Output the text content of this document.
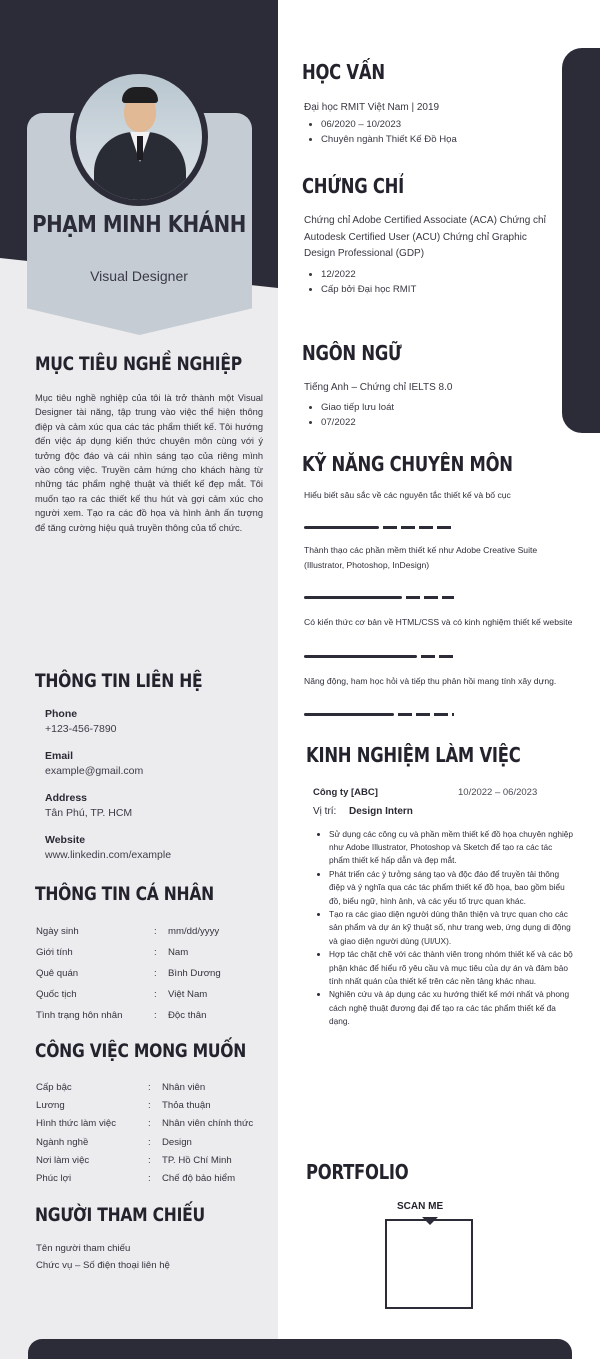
PHẠM MINH KHÁNH
Visual Designer
MỤC TIÊU NGHỀ NGHIỆP
Mục tiêu nghề nghiệp của tôi là trở thành một Visual Designer tài năng, tập trung vào việc thể hiện thông điệp và cảm xúc qua các tác phẩm thiết kế. Tôi hướng đến việc áp dụng kiến thức chuyên môn cùng với ý tưởng độc đáo và cái nhìn sáng tạo của riêng mình vào công việc. Truyền cảm hứng cho khách hàng từ những tác phẩm nghệ thuật và thiết kế đẹp mắt. Tôi muốn tạo ra các thiết kế thu hút và gợi cảm xúc cho người xem. Tạo ra các đồ họa và hình ảnh ấn tượng để tăng cường hiệu quả truyền thông của tổ chức.
THÔNG TIN LIÊN HỆ
Phone
+123-456-7890
Email
example@gmail.com
Address
Tân Phú, TP. HCM
Website
www.linkedin.com/example
THÔNG TIN CÁ NHÂN
Ngày sinh	:	mm/dd/yyyy
Giới tính	:	Nam
Quê quán	:	Bình Dương
Quốc tịch	:	Việt Nam
Tình trạng hôn nhân	:	Độc thân
CÔNG VIỆC MONG MUỐN
Cấp bậc	:	Nhân viên
Lương	:	Thỏa thuận
Hình thức làm việc	:	Nhân viên chính thức
Ngành nghề	:	Design
Nơi làm việc	:	TP. Hồ Chí Minh
Phúc lợi	:	Chế độ bảo hiểm
NGƯỜI THAM CHIẾU
Tên người tham chiếu
Chức vụ – Số điện thoại liên hệ
HỌC VẤN
Đại học RMIT Việt Nam | 2019
• 06/2020 – 10/2023
• Chuyên ngành Thiết Kế Đồ Họa
CHỨNG CHỈ
Chứng chỉ Adobe Certified Associate (ACA) Chứng chỉ Autodesk Certified User (ACU) Chứng chỉ Graphic Design Professional (GDP)
• 12/2022
• Cấp bởi Đại học RMIT
NGÔN NGỮ
Tiếng Anh – Chứng chỉ IELTS 8.0
• Giao tiếp lưu loát
• 07/2022
KỸ NĂNG CHUYÊN MÔN
Hiểu biết sâu sắc về các nguyên tắc thiết kế và bố cục
Thành thạo các phần mềm thiết kế như Adobe Creative Suite (Illustrator, Photoshop, InDesign)
Có kiến thức cơ bản về HTML/CSS và có kinh nghiệm thiết kế website
Năng động, ham học hỏi và tiếp thu phản hồi mang tính xây dựng.
KINH NGHIỆM LÀM VIỆC
Công ty [ABC]	10/2022 – 06/2023
Vị trí: Design Intern
• Sử dụng các công cụ và phần mềm thiết kế đồ họa chuyên nghiệp như Adobe Illustrator, Photoshop và Sketch để tạo ra các tác phẩm thiết kế hấp dẫn và đẹp mắt.
• Phát triển các ý tưởng sáng tạo và độc đáo để truyền tải thông điệp và ý nghĩa qua các tác phẩm thiết kế đồ họa, bao gồm biểu đồ, biểu ngữ, hình ảnh, và các yếu tố trực quan khác.
• Tạo ra các giao diện người dùng thân thiện và trực quan cho các sản phẩm và dự án kỹ thuật số, như trang web, ứng dụng di động và giao diện người dùng (UI/UX).
• Hợp tác chặt chẽ với các thành viên trong nhóm thiết kế và các bộ phận khác để hiểu rõ yêu cầu và mục tiêu của dự án và đảm bảo tính nhất quán của thiết kế trên các nền tảng khác nhau.
• Nghiên cứu và áp dụng các xu hướng thiết kế mới nhất và phong cách nghệ thuật đương đại để tạo ra các tác phẩm thiết kế đa dạng.
PORTFOLIO
SCAN ME
